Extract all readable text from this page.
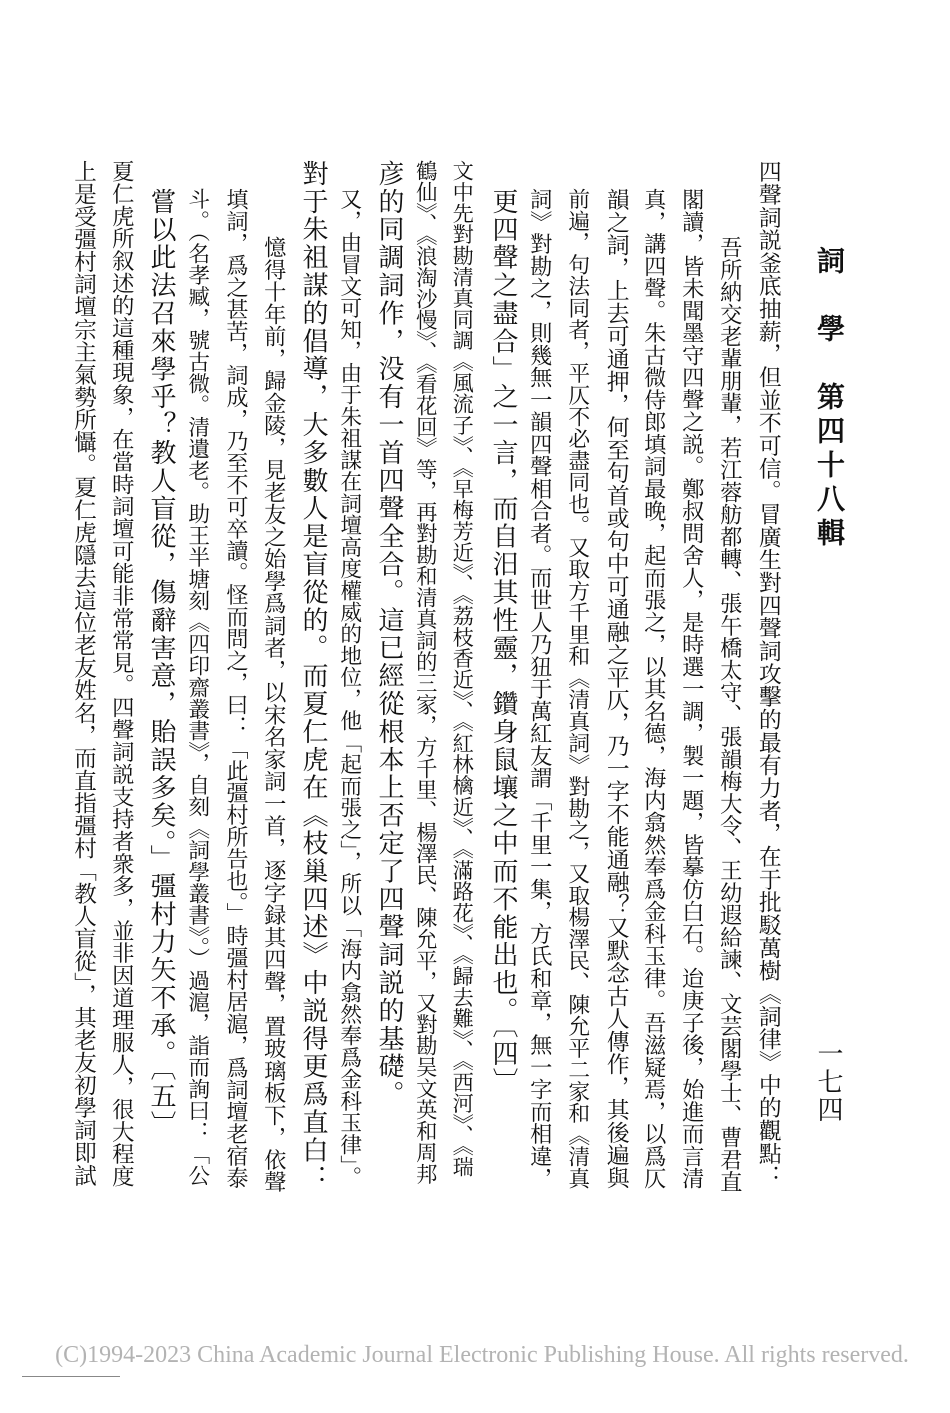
詞　學　第四十八輯
一七四
四聲詞説釜底抽薪，但並不可信。冒廣生對四聲詞攻擊的最有力者，在于批駁萬樹《詞律》中的觀點：
吾所納交老輩朋輩，若江蓉舫都轉、張午橋太守、張韻梅大令、王幼遐給諫、文芸閣學士、曹君直
閣讀，皆未聞墨守四聲之説。鄭叔問舍人，是時選一調，製一題，皆摹仿白石。迨庚子後，始進而言清
真，講四聲。朱古微侍郎填詞最晚，起而張之，以其名德，海内翕然奉爲金科玉律。吾滋疑焉，以爲仄
韻之詞，上去可通押，何至句首或句中可通融之平仄，乃一字不能通融？又默念古人傳作，其後遍與
前遍，句法同者，平仄不必盡同也。又取方千里和《清真詞》對勘之，又取楊澤民、陳允平二家和《清真
詞》對勘之，則幾無一韻四聲相合者。而世人乃狃于萬紅友謂「千里一集，方氏和章，無一字而相違，
更四聲之盡合」之一言，而自汨其性靈，鑽身鼠壤之中而不能出也。〔四〕
文中先對勘清真同調《風流子》、《早梅芳近》、《荔枝香近》、《紅林檎近》、《滿路花》、《歸去難》、《西河》、《瑞
鶴仙》、《浪淘沙慢》、《看花回》等，再對勘和清真詞的三家，方千里、楊澤民、陳允平，又對勘吴文英和周邦
彦的同調詞作，没有一首四聲全合。這已經從根本上否定了四聲詞説的基礎。
又，由冒文可知，由于朱祖謀在詞壇高度權威的地位，他「起而張之」，所以「海内翕然奉爲金科玉律」。
對于朱祖謀的倡導，大多數人是盲從的。而夏仁虎在《枝巢四述》中説得更爲直白：
憶得十年前，歸金陵，見老友之始學爲詞者，以宋名家詞一首，逐字録其四聲，置玻璃板下，依聲
填詞，爲之甚苦，詞成，乃至不可卒讀。怪而問之，曰：「此彊村所告也。」時彊村居滬，爲詞壇老宿泰
斗。（名孝臧，號古微。清遺老。助王半塘刻《四印齋叢書》，自刻《詞學叢書》。）過滬，詣而詢曰：「公
嘗以此法召來學乎？教人盲從，傷辭害意，貽誤多矣。」彊村力矢不承。〔五〕
夏仁虎所叙述的這種現象，在當時詞壇可能非常常見。四聲詞説支持者衆多，並非因道理服人，很大程度
上是受彊村詞壇宗主氣勢所懾。夏仁虎隱去這位老友姓名，而直指彊村「教人盲從」，其老友初學詞即試
(C)1994-2023 China Academic Journal Electronic Publishing House. All rights reserved.
